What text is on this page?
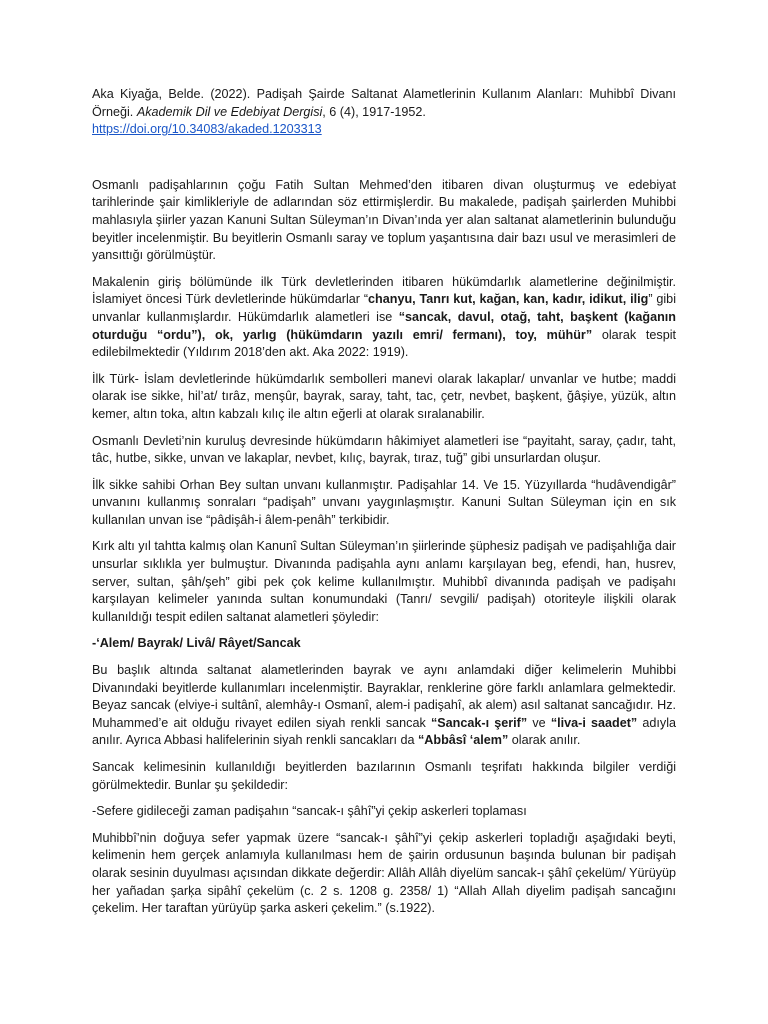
Aka Kiyağa, Belde. (2022). Padişah Şairde Saltanat Alametlerinin Kullanım Alanları: Muhibbî Divanı Örneği. Akademik Dil ve Edebiyat Dergisi, 6 (4), 1917-1952.
https://doi.org/10.34083/akaded.1203313

Osmanlı padişahlarının çoğu Fatih Sultan Mehmed’den itibaren divan oluşturmuş ve edebiyat tarihlerinde şair kimlikleriyle de adlarından söz ettirmişlerdir. Bu makalede, padişah şairlerden Muhibbi mahlasıyla şiirler yazan Kanuni Sultan Süleyman’ın Divan’ında yer alan saltanat alametlerinin bulunduğu beyitler incelenmiştir. Bu beyitlerin Osmanlı saray ve toplum yaşantısına dair bazı usul ve merasimleri de yansıttığı görülmüştür.

Makalenin giriş bölümünde ilk Türk devletlerinden itibaren hükümdarlık alametlerine değinilmiştir. İslamiyet öncesi Türk devletlerinde hükümdarlar “chanyu, Tanrı kut, kağan, kan, kadır, idikut, ilig” gibi unvanlar kullanmışlardır. Hükümdarlık alametleri ise “sancak, davul, otağ, taht, başkent (kağanın oturduğu “ordu”), ok, yarlıg (hükümdarın yazılı emri/ fermanı), toy, mühür” olarak tespit edilebilmektedir (Yıldırım 2018’den akt. Aka 2022: 1919).

İlk Türk- İslam devletlerinde hükümdarlık sembolleri manevi olarak lakaplar/ unvanlar ve hutbe; maddi olarak ise sikke, hil’at/ tırâz, menşûr, bayrak, saray, taht, tac, çetr, nevbet, başkent, ğâşiye, yüzük, altın kemer, altın toka, altın kabzalı kılıç ile altın eğerli at olarak sıralanabilir.

Osmanlı Devleti’nin kuruluş devresinde hükümdarın hâkimiyet alametleri ise “payitaht, saray, çadır, taht, tâc, hutbe, sikke, unvan ve lakaplar, nevbet, kılıç, bayrak, tıraz, tuğ” gibi unsurlardan oluşur.

İlk sikke sahibi Orhan Bey sultan unvanı kullanmıştır. Padişahlar 14. Ve 15. Yüzyıllarda “hudâvendigâr” unvanını kullanmış sonraları “padişah” unvanı yaygınlaşmıştır. Kanuni Sultan Süleyman için en sık kullanılan unvan ise “pâdişâh-i âlem-penâh” terkibidir.

Kırk altı yıl tahtta kalmış olan Kanunî Sultan Süleyman’ın şiirlerinde şüphesiz padişah ve padişahlığa dair unsurlar sıklıkla yer bulmuştur. Divanında padişahla aynı anlamı karşılayan beg, efendi, han, husrev, server, sultan, şâh/şeh” gibi pek çok kelime kullanılmıştır. Muhibbî divanında padişah ve padişahı karşılayan kelimeler yanında sultan konumundaki (Tanrı/ sevgili/ padişah) otoriteyle ilişkili olarak kullanıldığı tespit edilen saltanat alametleri şöyledir:

-‘Alem/ Bayrak/ Livâ/ Râyet/Sancak

Bu başlık altında saltanat alametlerinden bayrak ve aynı anlamdaki diğer kelimelerin Muhibbi Divanındaki beyitlerde kullanımları incelenmiştir. Bayraklar, renklerine göre farklı anlamlara gelmektedir. Beyaz sancak (elviye-i sultânî, alemhây-ı Osmanî, alem-i padişahî, ak alem) asıl saltanat sancağıdır. Hz. Muhammed’e ait olduğu rivayet edilen siyah renkli sancak “Sancak-ı şerif” ve “liva-i saadet” adıyla anılır. Ayrıca Abbasi halifelerinin siyah renkli sancakları da “Abbâsî ‘alem” olarak anılır.

Sancak kelimesinin kullanıldığı beyitlerden bazılarının Osmanlı teşrifatı hakkında bilgiler verdiği görülmektedir. Bunlar şu şekildedir:

-Sefere gidileceği zaman padişahın “sancak-ı şâhî”yi çekip askerleri toplaması

Muhibbî’nin doğuya sefer yapmak üzere “sancak-ı şâhî”yi çekip askerleri topladığı aşağıdaki beyti, kelimenin hem gerçek anlamıyla kullanılması hem de şairin ordusunun başında bulunan bir padişah olarak sesinin duyulması açısından dikkate değerdir: Allâh Allâh diyelüm sancak-ı şâhî çekelüm/ Yürüyüp her yañadan şarķa sipâhî çekelüm (c. 2 s. 1208 g. 2358/ 1) “Allah Allah diyelim padişah sancağını çekelim. Her taraftan yürüyüp şarka askeri çekelim.” (s.1922).
